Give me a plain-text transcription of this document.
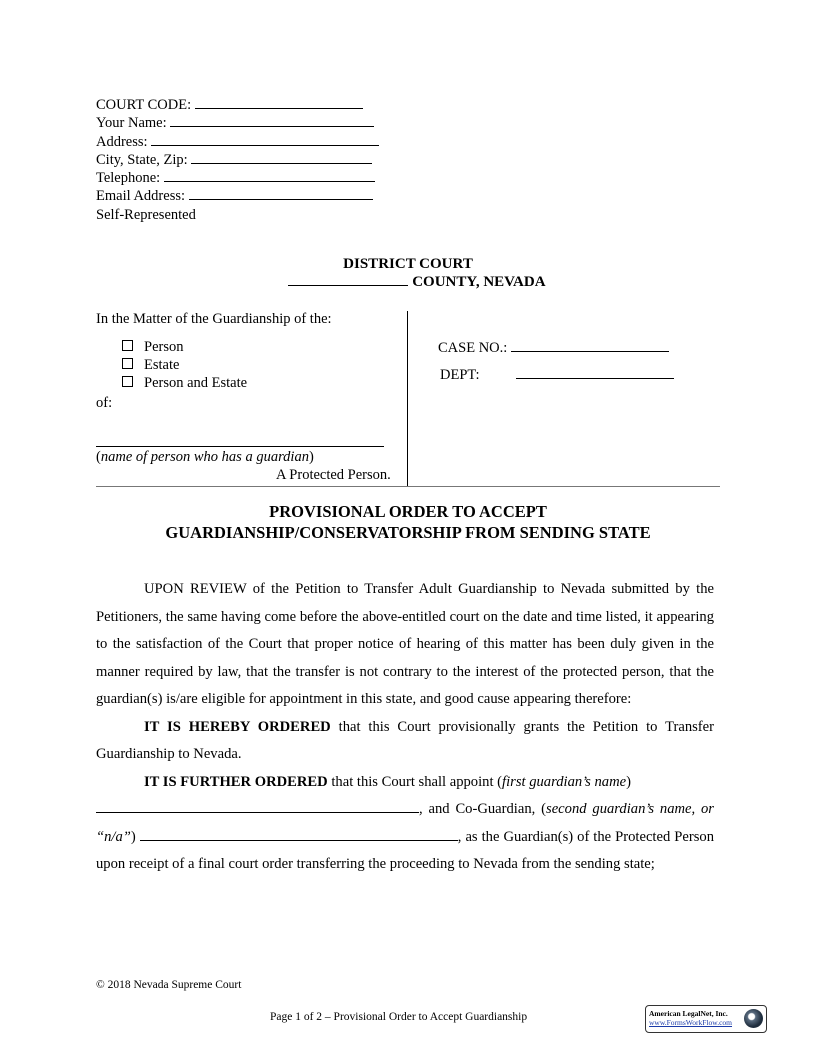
COURT CODE:
Your Name:
Address:
City, State, Zip:
Telephone:
Email Address:
Self-Represented
DISTRICT COURT
COUNTY, NEVADA
In the Matter of the Guardianship of the:
Person
Estate
Person and Estate
of:
(name of person who has a guardian)
A Protected Person.
CASE NO.:
DEPT:
PROVISIONAL ORDER TO ACCEPT
GUARDIANSHIP/CONSERVATORSHIP FROM SENDING STATE

UPON REVIEW of the Petition to Transfer Adult Guardianship to Nevada submitted by the Petitioners, the same having come before the above-entitled court on the date and time listed, it appearing to the satisfaction of the Court that proper notice of hearing of this matter has been duly given in the manner required by law, that the transfer is not contrary to the interest of the protected person, that the guardian(s) is/are eligible for appointment in this state, and good cause appearing therefore:

IT IS HEREBY ORDERED that this Court provisionally grants the Petition to Transfer Guardianship to Nevada.

IT IS FURTHER ORDERED that this Court shall appoint (first guardian’s name)
, and Co-Guardian, (second guardian’s name, or “n/a”)	, as the Guardian(s) of the Protected Person upon receipt of a final court order transferring the proceeding to Nevada from the sending state;

© 2018 Nevada Supreme Court
Page 1 of 2 – Provisional Order to Accept Guardianship	American LegalNet, Inc.
www.FormsWorkFlow.com
